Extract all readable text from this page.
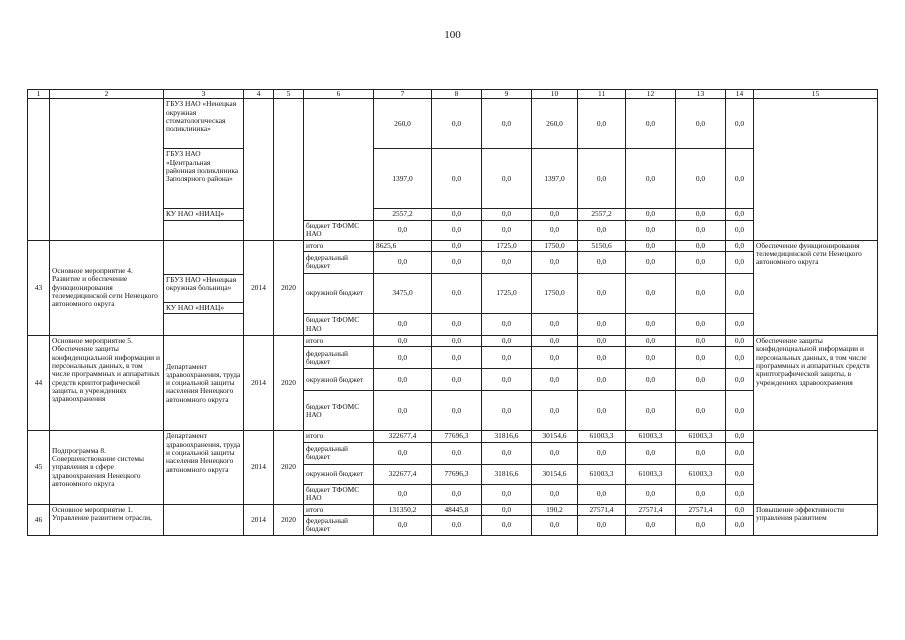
100
1	2	3	4	5	6	7	8	9	10	11	12	13	14	15
		ГБУЗ НАО «Ненецкая окружная стоматологическая поликлиника»				260,0	0,0	0,0	260,0	0,0	0,0	0,0	0,0	
		ГБУЗ НАО «Центральная районная поликлиника Заполярного района»				1397,0	0,0	0,0	1397,0	0,0	0,0	0,0	0,0	
		КУ НАО «НИАЦ»				2557,2	0,0	0,0	0,0	2557,2	0,0	0,0	0,0	
					бюджет ТФОМС НАО	0,0	0,0	0,0	0,0	0,0	0,0	0,0	0,0	
43	Основное мероприятие 4. Развитие и обеспечение функционирования телемедицинской сети Ненецкого автономного округа		2014	2020	итого	8625,6	0,0	1725,0	1750,0	5150,6	0,0	0,0	0,0	Обеспечение функционирования телемедицинской сети Ненецкого автономного округа
					федеральный бюджет	0,0	0,0	0,0	0,0	0,0	0,0	0,0	0,0	
					окружной бюджет	3475,0	0,0	1725,0	1750,0	0,0	0,0	0,0	0,0	
		ГБУЗ НАО «Ненецкая окружная больница»												
		КУ НАО «НИАЦ»												
					бюджет ТФОМС НАО	0,0	0,0	0,0	0,0	0,0	0,0	0,0	0,0	
44	Основное мероприятие 5. Обеспечение защиты конфиденциальной информации и персональных данных, в том числе программных и аппаратных средств криптографической защиты, в учреждениях здравоохранения	Департамент здравоохранения, труда и социальной защиты населения Ненецкого автономного округа	2014	2020	итого	0,0	0,0	0,0	0,0	0,0	0,0	0,0	0,0	Обеспечение защиты конфиденциальной информации и персональных данных, в том числе программных и аппаратных средств криптографической защиты, в учреждениях здравоохранения
					федеральный бюджет	0,0	0,0	0,0	0,0	0,0	0,0	0,0	0,0	
					окружной бюджет	0,0	0,0	0,0	0,0	0,0	0,0	0,0	0,0	
					бюджет ТФОМС НАО	0,0	0,0	0,0	0,0	0,0	0,0	0,0	0,0	
45	Подпрограмма 8. Совершенствование системы управления в сфере здравоохранения Ненецкого автономного округа	Департамент здравоохранения, труда и социальной защиты населения Ненецкого автономного округа	2014	2020	итого	322677,4	77696,3	31816,6	30154,6	61003,3	61003,3	61003,3	0,0	
					федеральный бюджет	0,0	0,0	0,0	0,0	0,0	0,0	0,0	0,0	
					окружной бюджет	322677,4	77696,3	31816,6	30154,6	61003,3	61003,3	61003,3	0,0	
					бюджет ТФОМС НАО	0,0	0,0	0,0	0,0	0,0	0,0	0,0	0,0	
46	Основное мероприятие 1. Управление развитием отрасли,		2014	2020	итого	131350,2	48445,8	0,0	190,2	27571,4	27571,4	27571,4	0,0	Повышение эффективности управления развитием
					федеральный бюджет	0,0	0,0	0,0	0,0	0,0	0,0	0,0	0,0	
